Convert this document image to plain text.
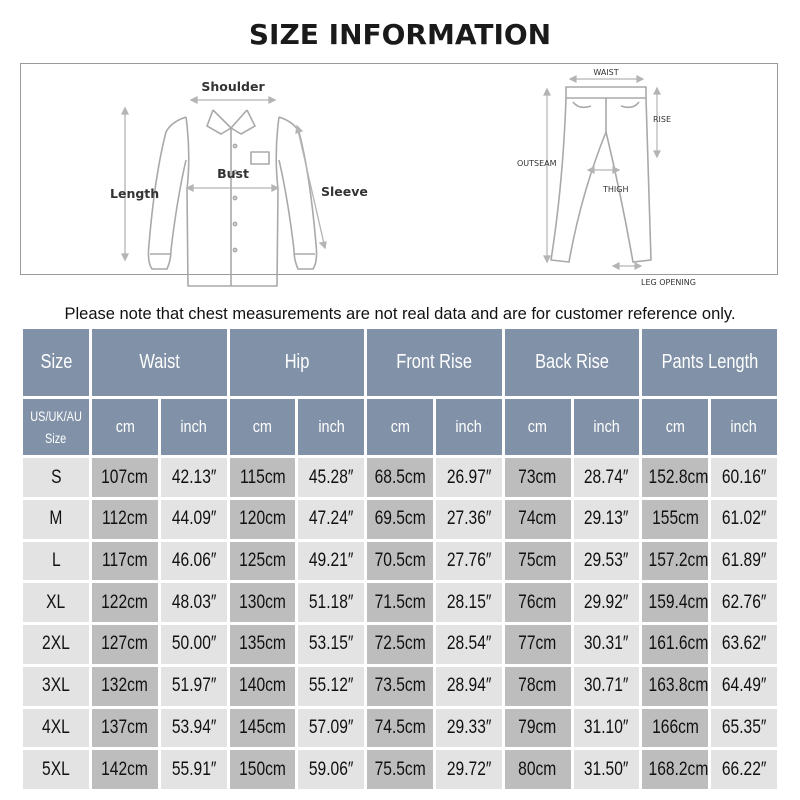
SIZE INFORMATION
Shoulder
Bust
Length	Sleeve
WAIST
RISE
OUTSEAM
THIGH
LEG OPENING
Please note that chest measurements are not real data and are for customer reference only.
Size	Waist		Hip		Front Rise		Back Rise		Pants Length	
US/UK/AU
Size	cm	inch	cm	inch	cm	inch	cm	inch	cm	inch
S	107cm	42.13″	115cm	45.28″	68.5cm	26.97″	73cm	28.74″	152.8cm	60.16″
M	112cm	44.09″	120cm	47.24″	69.5cm	27.36″	74cm	29.13″	155cm	61.02″
L	117cm	46.06″	125cm	49.21″	70.5cm	27.76″	75cm	29.53″	157.2cm	61.89″
XL	122cm	48.03″	130cm	51.18″	71.5cm	28.15″	76cm	29.92″	159.4cm	62.76″
2XL	127cm	50.00″	135cm	53.15″	72.5cm	28.54″	77cm	30.31″	161.6cm	63.62″
3XL	132cm	51.97″	140cm	55.12″	73.5cm	28.94″	78cm	30.71″	163.8cm	64.49″
4XL	137cm	53.94″	145cm	57.09″	74.5cm	29.33″	79cm	31.10″	166cm	65.35″
5XL	142cm	55.91″	150cm	59.06″	75.5cm	29.72″	80cm	31.50″	168.2cm	66.22″
